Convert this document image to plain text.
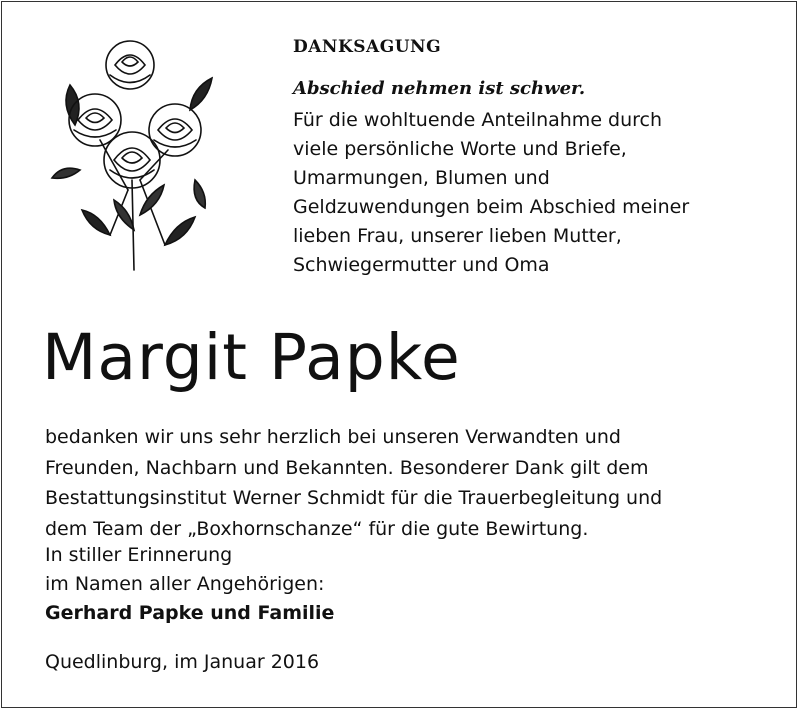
DANKSAGUNG
Abschied nehmen ist schwer.
Für die wohltuende Anteilnahme durch
viele persönliche Worte und Briefe,
Umarmungen, Blumen und
Geldzuwendungen beim Abschied meiner
lieben Frau, unserer lieben Mutter,
Schwiegermutter und Oma
Margit Papke
bedanken wir uns sehr herzlich bei unseren Verwandten und
Freunden, Nachbarn und Bekannten. Besonderer Dank gilt dem
Bestattungsinstitut Werner Schmidt für die Trauerbegleitung und
dem Team der „Boxhornschanze“ für die gute Bewirtung.
In stiller Erinnerung
im Namen aller Angehörigen:
Gerhard Papke und Familie
Quedlinburg, im Januar 2016
